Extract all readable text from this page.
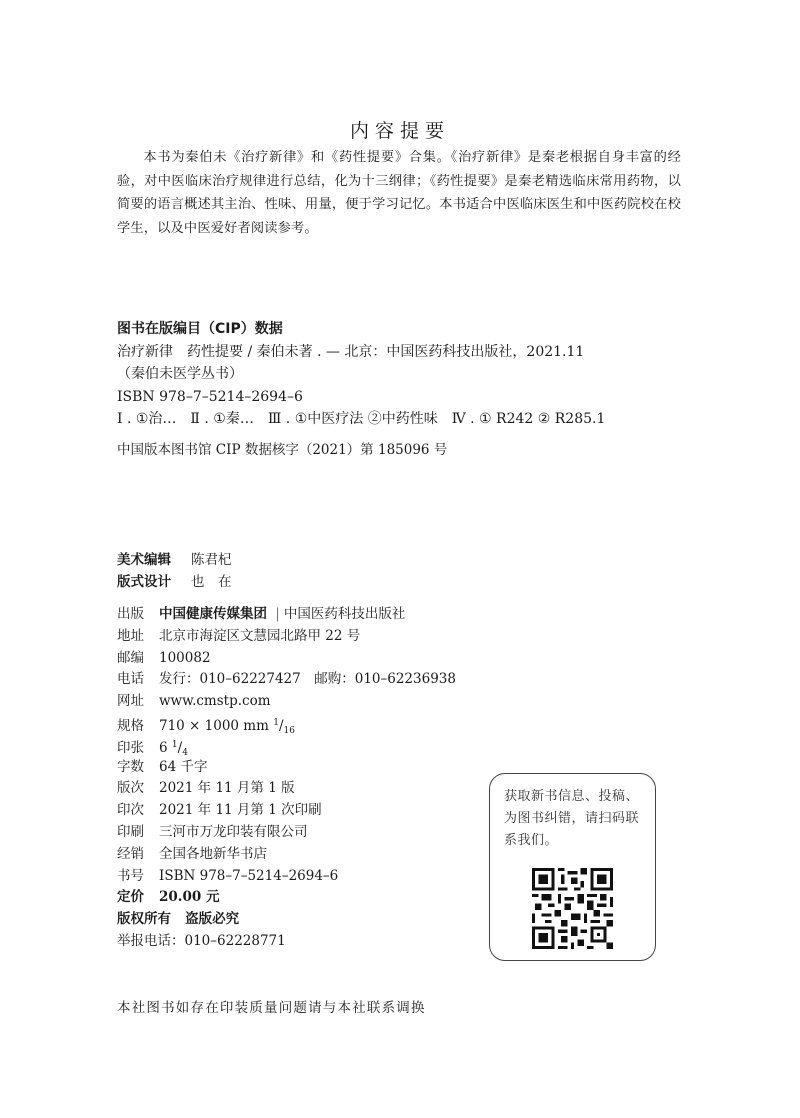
内容提要
本书为秦伯未《治疗新律》和《药性提要》合集。《治疗新律》是秦老根据自身丰富的经验，对中医临床治疗规律进行总结，化为十三纲律；《药性提要》是秦老精选临床常用药物，以简要的语言概述其主治、性味、用量，便于学习记忆。本书适合中医临床医生和中医药院校在校学生，以及中医爱好者阅读参考。
图书在版编目（CIP）数据
治疗新律　药性提要 / 秦伯未著 . — 北京：中国医药科技出版社，2021.11
（秦伯未医学丛书）
ISBN 978–7–5214–2694–6
Ⅰ . ①治…　Ⅱ . ①秦…　Ⅲ . ①中医疗法 ②中药性味　Ⅳ . ① R242 ② R285.1
中国版本图书馆 CIP 数据核字（2021）第 185096 号
美术编辑 陈君杞
版式设计 也　在
出版 中国健康传媒集团 | 中国医药科技出版社
地址 北京市海淀区文慧园北路甲 22 号
邮编 100082
电话 发行：010–62227427　邮购：010–62236938
网址 www.cmstp.com
规格 710 × 1000 mm $^1/_{16}$
印张 6 $^1/_4$
字数 64 千字
版次 2021 年 11 月第 1 版
印次 2021 年 11 月第 1 次印刷
印刷 三河市万龙印装有限公司
经销 全国各地新华书店
书号 ISBN 978–7–5214–2694–6
定价 20.00 元
版权所有 盗版必究
举报电话：010–62228771
本社图书如存在印装质量问题请与本社联系调换
获取新书信息、投稿、为图书纠错，请扫码联系我们。
